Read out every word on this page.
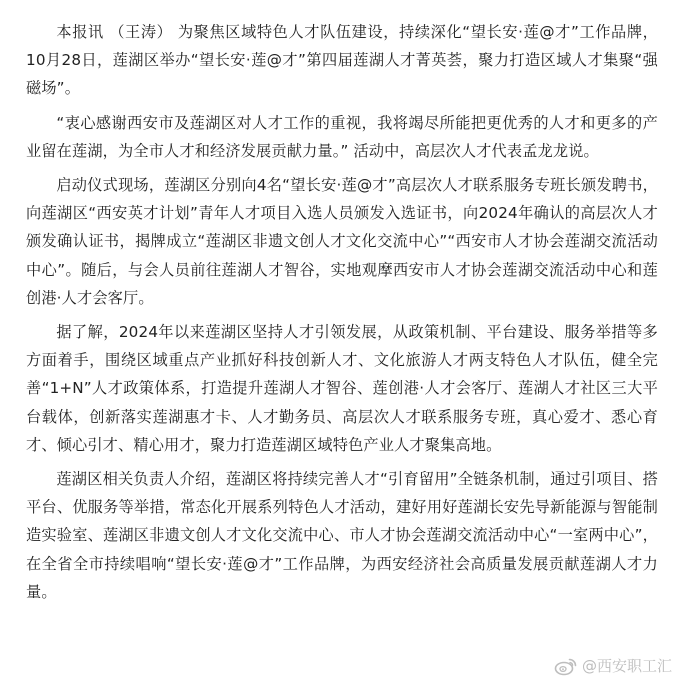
本报讯 （王涛） 为聚焦区域特色人才队伍建设，持续深化“望长安·莲@才”工作品牌，10月28日，莲湖区举办“望长安·莲@才”第四届莲湖人才菁英荟，聚力打造区域人才集聚“强磁场”。

“衷心感谢西安市及莲湖区对人才工作的重视，我将竭尽所能把更优秀的人才和更多的产业留在莲湖，为全市人才和经济发展贡献力量。” 活动中，高层次人才代表孟龙龙说。

启动仪式现场，莲湖区分别向4名“望长安·莲@才”高层次人才联系服务专班长颁发聘书，向莲湖区“西安英才计划”青年人才项目入选人员颁发入选证书，向2024年确认的高层次人才颁发确认证书，揭牌成立“莲湖区非遗文创人才文化交流中心”“西安市人才协会莲湖交流活动中心”。随后，与会人员前往莲湖人才智谷，实地观摩西安市人才协会莲湖交流活动中心和莲创港·人才会客厅。

据了解，2024年以来莲湖区坚持人才引领发展，从政策机制、平台建设、服务举措等多方面着手，围绕区域重点产业抓好科技创新人才、文化旅游人才两支特色人才队伍，健全完善“1+N”人才政策体系，打造提升莲湖人才智谷、莲创港·人才会客厅、莲湖人才社区三大平台载体，创新落实莲湖惠才卡、人才勤务员、高层次人才联系服务专班，真心爱才、悉心育才、倾心引才、精心用才，聚力打造莲湖区域特色产业人才聚集高地。

莲湖区相关负责人介绍，莲湖区将持续完善人才“引育留用”全链条机制，通过引项目、搭平台、优服务等举措，常态化开展系列特色人才活动，建好用好莲湖长安先导新能源与智能制造实验室、莲湖区非遗文创人才文化交流中心、市人才协会莲湖交流活动中心“一室两中心”，在全省全市持续唱响“望长安·莲@才”工作品牌，为西安经济社会高质量发展贡献莲湖人才力量。

@西安职工汇
